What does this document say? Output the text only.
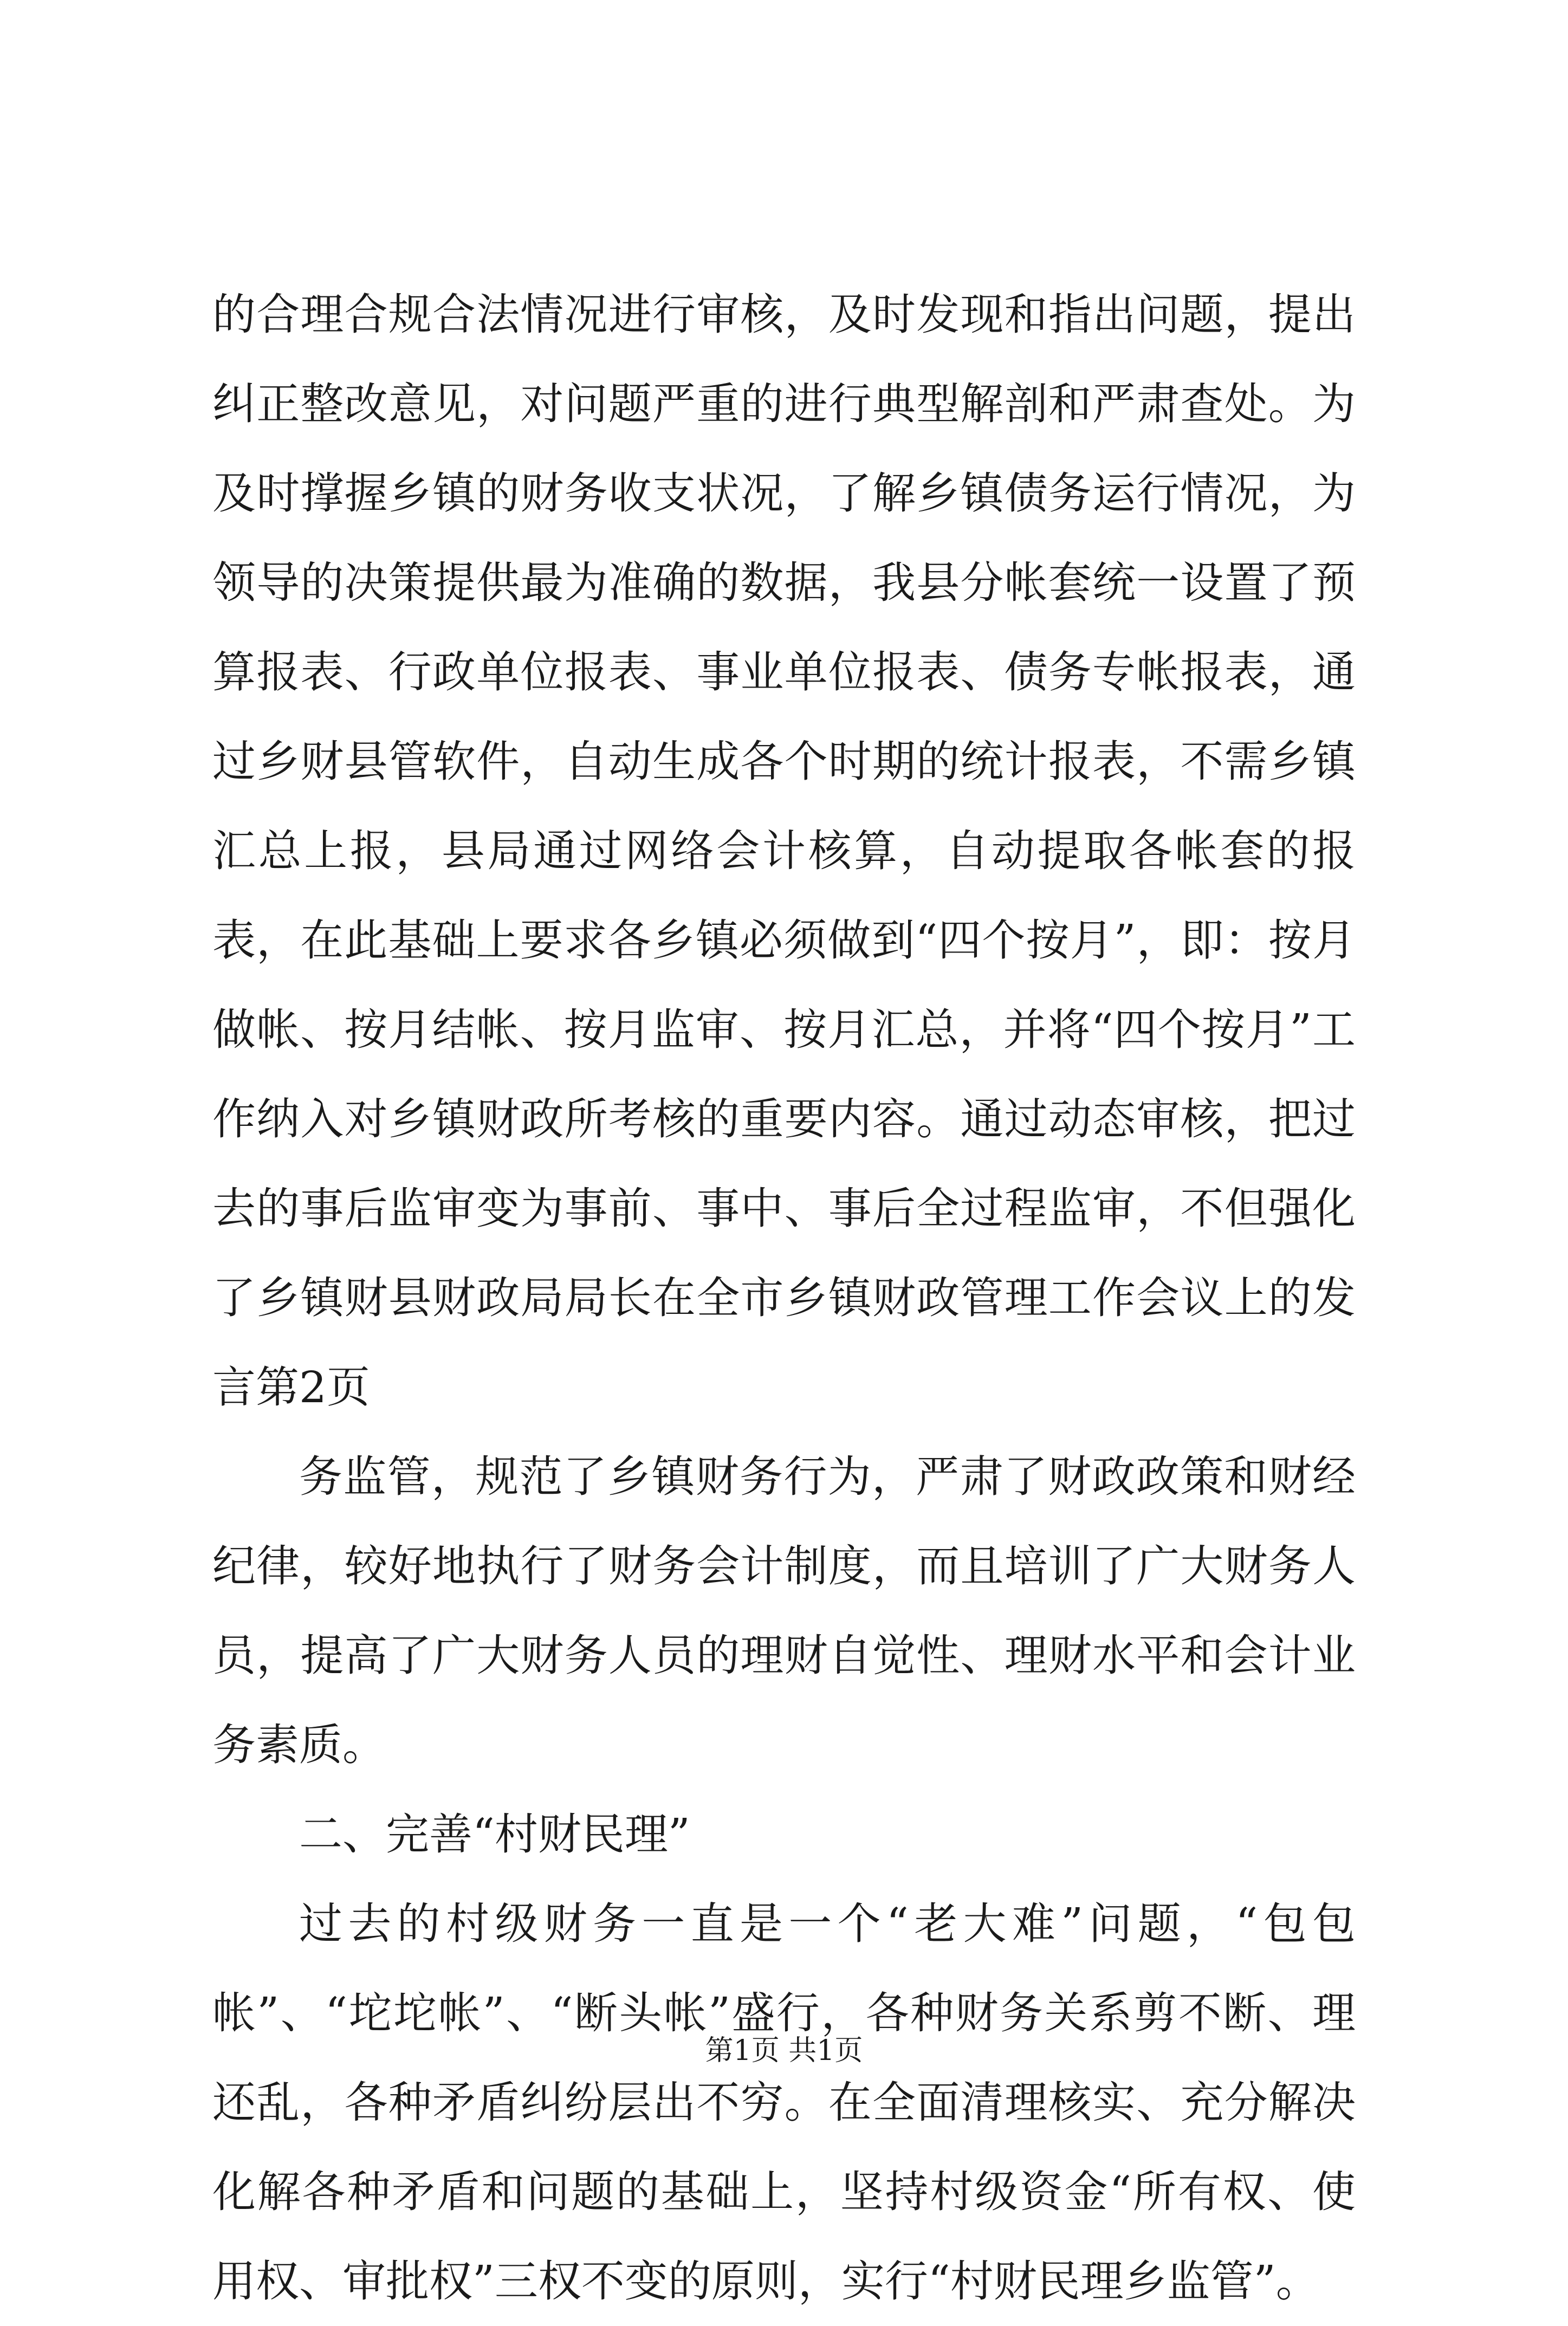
的合理合规合法情况进行审核，及时发现和指出问题，提出纠正整改意见，对问题严重的进行典型解剖和严肃查处。为及时撑握乡镇的财务收支状况，了解乡镇债务运行情况，为领导的决策提供最为准确的数据，我县分帐套统一设置了预算报表、行政单位报表、事业单位报表、债务专帐报表，通过乡财县管软件，自动生成各个时期的统计报表，不需乡镇汇总上报，县局通过网络会计核算，自动提取各帐套的报表，在此基础上要求各乡镇必须做到“四个按月”，即：按月做帐、按月结帐、按月监审、按月汇总，并将“四个按月”工作纳入对乡镇财政所考核的重要内容。通过动态审核，把过去的事后监审变为事前、事中、事后全过程监审，不但强化了乡镇财县财政局局长在全市乡镇财政管理工作会议上的发言第2页

务监管，规范了乡镇财务行为，严肃了财政政策和财经纪律，较好地执行了财务会计制度，而且培训了广大财务人员，提高了广大财务人员的理财自觉性、理财水平和会计业务素质。

二、完善“村财民理”

过去的村级财务一直是一个“老大难”问题，“包包帐”、“坨坨帐”、“断头帐”盛行，各种财务关系剪不断、理还乱，各种矛盾纠纷层出不穷。在全面清理核实、充分解决化解各种矛盾和问题的基础上，坚持村级资金“所有权、使用权、审批权”三权不变的原则，实行“村财民理乡监管”。

第1页 共1页
